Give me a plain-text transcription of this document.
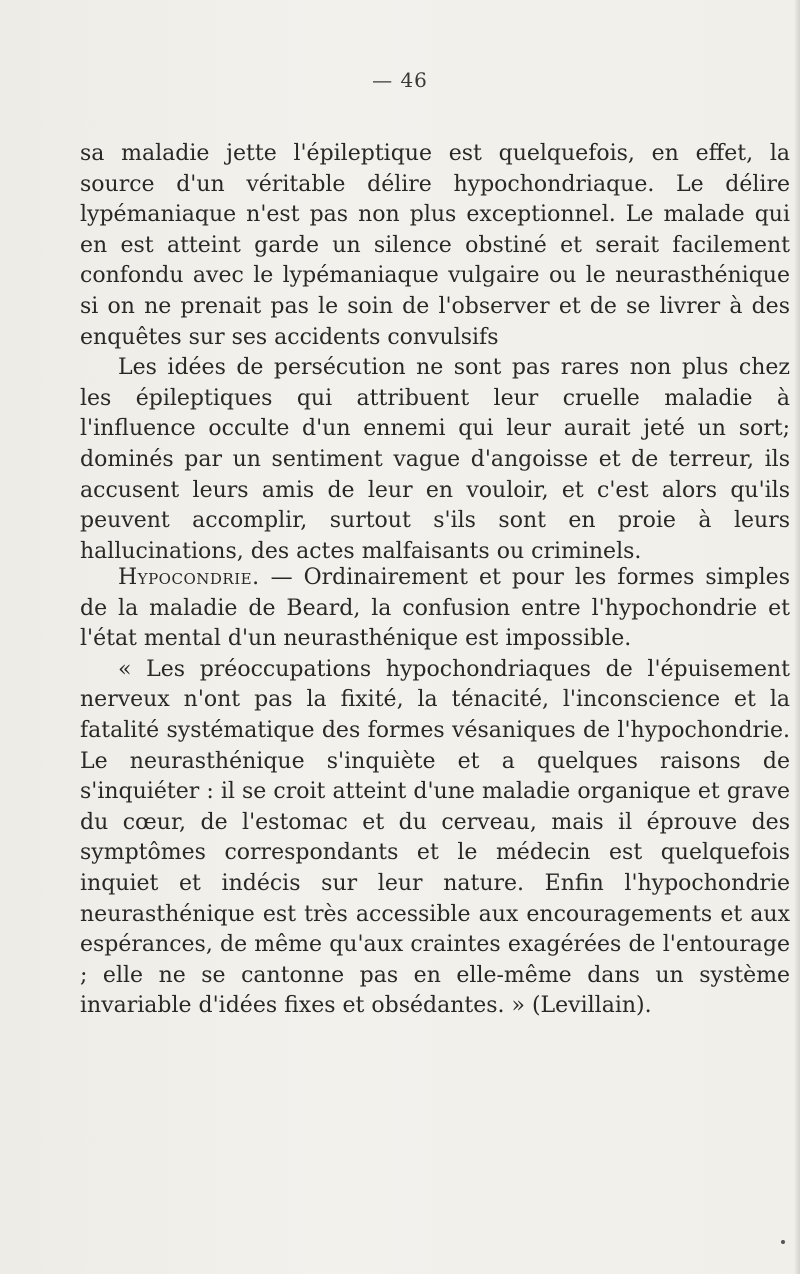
— 46

sa maladie jette l'épileptique est quelquefois, en effet, la source d'un véritable délire hypochondriaque. Le délire lypémaniaque n'est pas non plus exceptionnel. Le malade qui en est atteint garde un silence obstiné et serait facilement confondu avec le lypémaniaque vulgaire ou le neurasthénique si on ne prenait pas le soin de l'observer et de se livrer à des enquêtes sur ses accidents convulsifs

Les idées de persécution ne sont pas rares non plus chez les épileptiques qui attribuent leur cruelle maladie à l'influence occulte d'un ennemi qui leur aurait jeté un sort; dominés par un sentiment vague d'angoisse et de terreur, ils accusent leurs amis de leur en vouloir, et c'est alors qu'ils peuvent accomplir, surtout s'ils sont en proie à leurs hallucinations, des actes malfaisants ou criminels.

Hypocondrie. — Ordinairement et pour les formes simples de la maladie de Beard, la confusion entre l'hypochondrie et l'état mental d'un neurasthénique est impossible.

« Les préoccupations hypochondriaques de l'épuisement nerveux n'ont pas la fixité, la ténacité, l'inconscience et la fatalité systématique des formes vésaniques de l'hypochondrie. Le neurasthénique s'inquiète et a quelques raisons de s'inquiéter : il se croit atteint d'une maladie organique et grave du cœur, de l'estomac et du cerveau, mais il éprouve des symptômes correspondants et le médecin est quelquefois inquiet et indécis sur leur nature. Enfin l'hypochondrie neurasthénique est très accessible aux encouragements et aux espérances, de même qu'aux craintes exagérées de l'entourage ; elle ne se cantonne pas en elle-même dans un système invariable d'idées fixes et obsédantes. » (Levillain).
